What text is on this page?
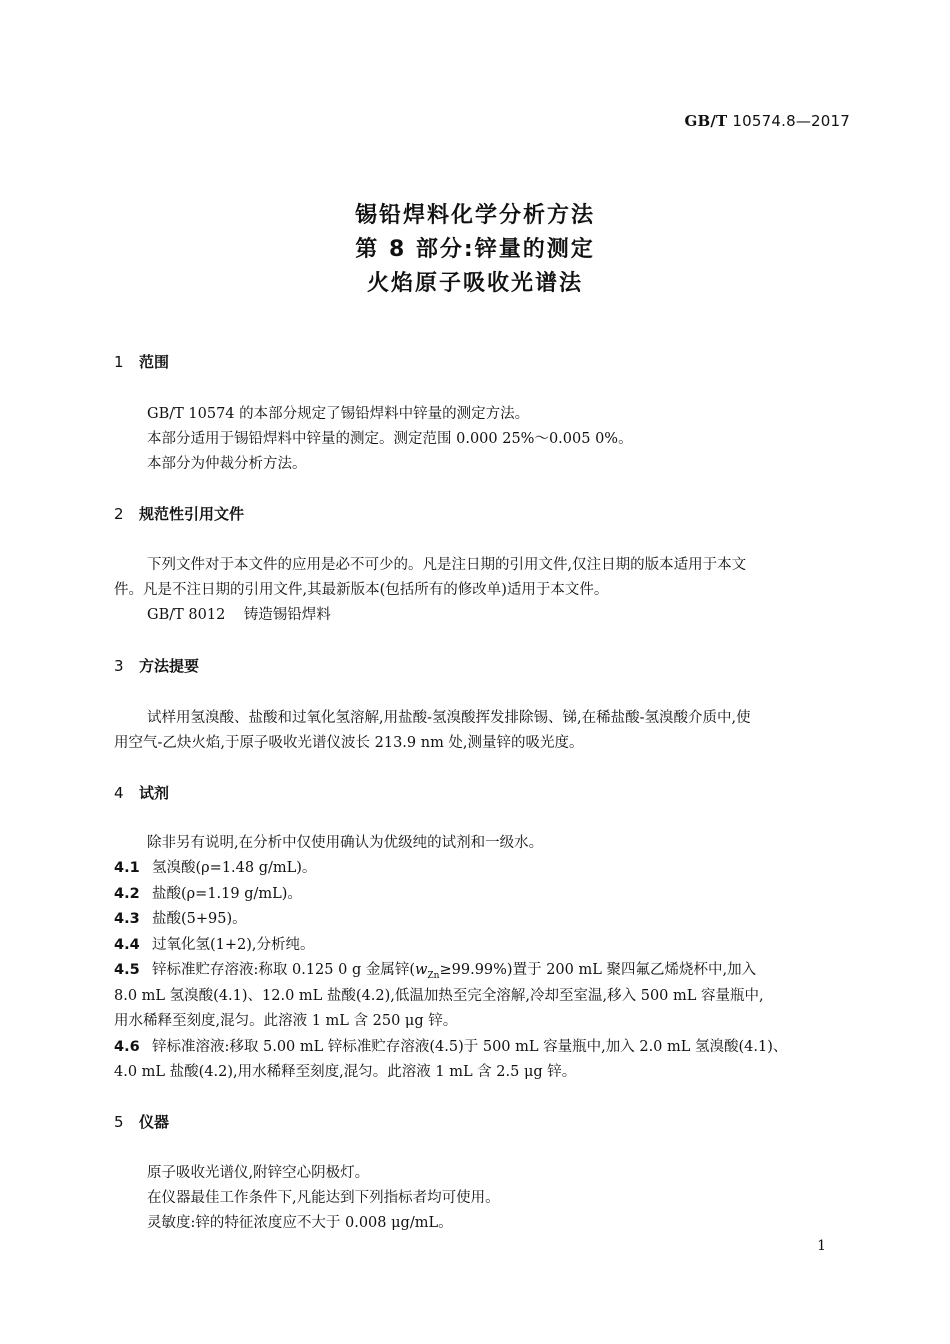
GB/T 10574.8—2017
锡铅焊料化学分析方法
第 8 部分:锌量的测定
火焰原子吸收光谱法
1 范围
GB/T 10574 的本部分规定了锡铅焊料中锌量的测定方法。
本部分适用于锡铅焊料中锌量的测定。测定范围 0.000 25%～0.005 0%。
本部分为仲裁分析方法。
2 规范性引用文件
下列文件对于本文件的应用是必不可少的。凡是注日期的引用文件,仅注日期的版本适用于本文
件。凡是不注日期的引用文件,其最新版本(包括所有的修改单)适用于本文件。
GB/T 8012 铸造锡铅焊料
3 方法提要
试样用氢溴酸、盐酸和过氧化氢溶解,用盐酸-氢溴酸挥发排除锡、锑,在稀盐酸-氢溴酸介质中,使
用空气-乙炔火焰,于原子吸收光谱仪波长 213.9 nm 处,测量锌的吸光度。
4 试剂
除非另有说明,在分析中仅使用确认为优级纯的试剂和一级水。
4.1 氢溴酸(ρ=1.48 g/mL)。
4.2 盐酸(ρ=1.19 g/mL)。
4.3 盐酸(5+95)。
4.4 过氧化氢(1+2),分析纯。
4.5 锌标准贮存溶液:称取 0.125 0 g 金属锌$(w_{Zn}\ge 99.99\%)$置于 200 mL 聚四氟乙烯烧杯中,加入
8.0 mL 氢溴酸(4.1)、12.0 mL 盐酸(4.2),低温加热至完全溶解,冷却至室温,移入 500 mL 容量瓶中,
用水稀释至刻度,混匀。此溶液 1 mL 含 250 μg 锌。
4.6 锌标准溶液:移取 5.00 mL 锌标准贮存溶液(4.5)于 500 mL 容量瓶中,加入 2.0 mL 氢溴酸(4.1)、
4.0 mL 盐酸(4.2),用水稀释至刻度,混匀。此溶液 1 mL 含 2.5 μg 锌。
5 仪器
原子吸收光谱仪,附锌空心阴极灯。
在仪器最佳工作条件下,凡能达到下列指标者均可使用。
灵敏度:锌的特征浓度应不大于 0.008 μg/mL。
1
